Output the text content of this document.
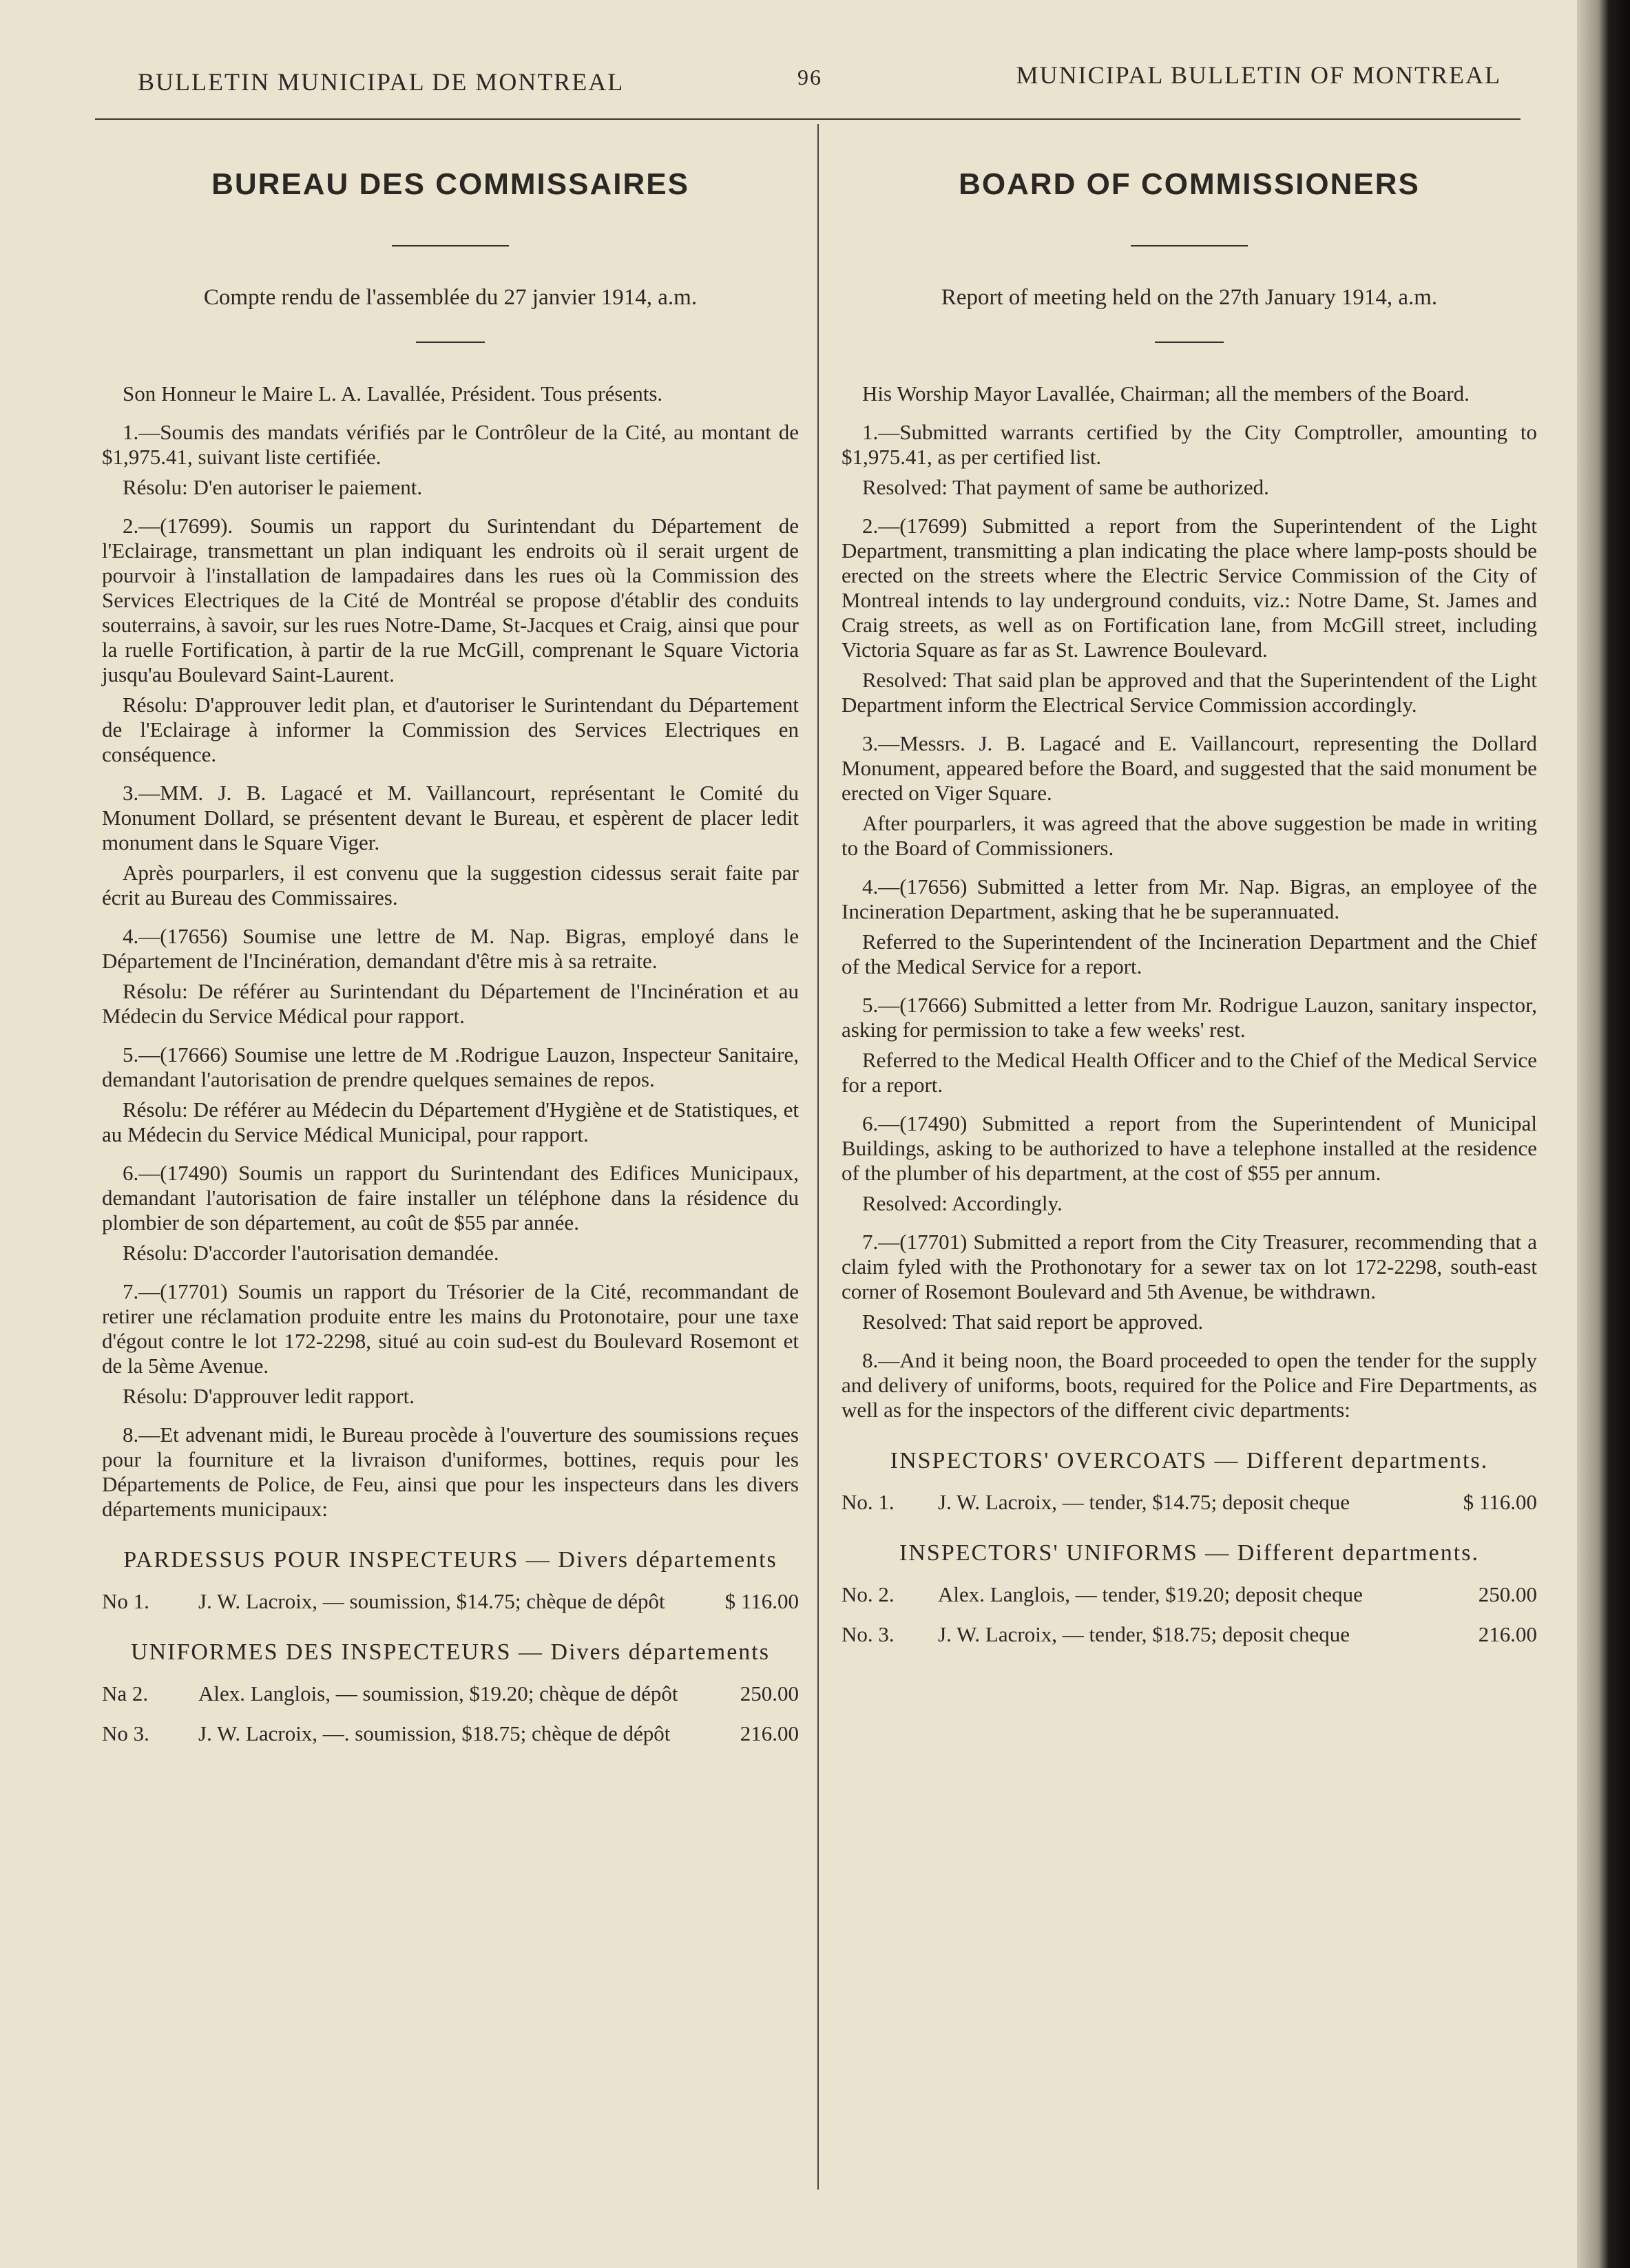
BULLETIN MUNICIPAL DE MONTREAL	96	MUNICIPAL BULLETIN OF MONTREAL
BUREAU DES COMMISSAIRES
Compte rendu de l'assemblée du 27 janvier 1914, a.m.

Son Honneur le Maire L. A. Lavallée, Président. Tous présents.

1.—Soumis des mandats vérifiés par le Contrôleur de la Cité, au montant de $1,975.41, suivant liste certifiée.

Résolu: D'en autoriser le paiement.

2.—(17699). Soumis un rapport du Surintendant du Département de l'Eclairage, transmettant un plan indiquant les endroits où il serait urgent de pourvoir à l'installation de lampadaires dans les rues où la Commission des Services Electriques de la Cité de Montréal se propose d'établir des conduits souterrains, à savoir, sur les rues Notre-Dame, St-Jacques et Craig, ainsi que pour la ruelle Fortification, à partir de la rue McGill, comprenant le Square Victoria jusqu'au Boulevard Saint-Laurent.

Résolu: D'approuver ledit plan, et d'autoriser le Surintendant du Département de l'Eclairage à informer la Commission des Services Electriques en conséquence.

3.—MM. J. B. Lagacé et M. Vaillancourt, représentant le Comité du Monument Dollard, se présentent devant le Bureau, et espèrent de placer ledit monument dans le Square Viger.

Après pourparlers, il est convenu que la suggestion cidessus serait faite par écrit au Bureau des Commissaires.

4.—(17656) Soumise une lettre de M. Nap. Bigras, employé dans le Département de l'Incinération, demandant d'être mis à sa retraite.

Résolu: De référer au Surintendant du Département de l'Incinération et au Médecin du Service Médical pour rapport.

5.—(17666) Soumise une lettre de M .Rodrigue Lauzon, Inspecteur Sanitaire, demandant l'autorisation de prendre quelques semaines de repos.

Résolu: De référer au Médecin du Département d'Hygiène et de Statistiques, et au Médecin du Service Médical Municipal, pour rapport.

6.—(17490) Soumis un rapport du Surintendant des Edifices Municipaux, demandant l'autorisation de faire installer un téléphone dans la résidence du plombier de son département, au coût de $55 par année.

Résolu: D'accorder l'autorisation demandée.

7.—(17701) Soumis un rapport du Trésorier de la Cité, recommandant de retirer une réclamation produite entre les mains du Protonotaire, pour une taxe d'égout contre le lot 172-2298, situé au coin sud-est du Boulevard Rosemont et de la 5ème Avenue.

Résolu: D'approuver ledit rapport.

8.—Et advenant midi, le Bureau procède à l'ouverture des soumissions reçues pour la fourniture et la livraison d'uniformes, bottines, requis pour les Départements de Police, de Feu, ainsi que pour les inspecteurs dans les divers départements municipaux:

PARDESSUS POUR INSPECTEURS — Divers départements
No 1.	J. W. Lacroix, — soumission, $14.75; chèque de dépôt	$ 116.00
UNIFORMES DES INSPECTEURS — Divers départements
Na 2.	Alex. Langlois, — soumission, $19.20; chèque de dépôt	250.00
No 3.	J. W. Lacroix, —. soumission, $18.75; chèque de dépôt	216.00
BOARD OF COMMISSIONERS
Report of meeting held on the 27th January 1914, a.m.

His Worship Mayor Lavallée, Chairman; all the members of the Board.

1.—Submitted warrants certified by the City Comptroller, amounting to $1,975.41, as per certified list.

Resolved: That payment of same be authorized.

2.—(17699) Submitted a report from the Superintendent of the Light Department, transmitting a plan indicating the place where lamp-posts should be erected on the streets where the Electric Service Commission of the City of Montreal intends to lay underground conduits, viz.: Notre Dame, St. James and Craig streets, as well as on Fortification lane, from McGill street, including Victoria Square as far as St. Lawrence Boulevard.

Resolved: That said plan be approved and that the Superintendent of the Light Department inform the Electrical Service Commission accordingly.

3.—Messrs. J. B. Lagacé and E. Vaillancourt, representing the Dollard Monument, appeared before the Board, and suggested that the said monument be erected on Viger Square.

After pourparlers, it was agreed that the above suggestion be made in writing to the Board of Commissioners.

4.—(17656) Submitted a letter from Mr. Nap. Bigras, an employee of the Incineration Department, asking that he be superannuated.

Referred to the Superintendent of the Incineration Department and the Chief of the Medical Service for a report.

5.—(17666) Submitted a letter from Mr. Rodrigue Lauzon, sanitary inspector, asking for permission to take a few weeks' rest.

Referred to the Medical Health Officer and to the Chief of the Medical Service for a report.

6.—(17490) Submitted a report from the Superintendent of Municipal Buildings, asking to be authorized to have a telephone installed at the residence of the plumber of his department, at the cost of $55 per annum.

Resolved: Accordingly.

7.—(17701) Submitted a report from the City Treasurer, recommending that a claim fyled with the Prothonotary for a sewer tax on lot 172-2298, south-east corner of Rosemont Boulevard and 5th Avenue, be withdrawn.

Resolved: That said report be approved.

8.—And it being noon, the Board proceeded to open the tender for the supply and delivery of uniforms, boots, required for the Police and Fire Departments, as well as for the inspectors of the different civic departments:

INSPECTORS' OVERCOATS — Different departments.
No. 1.	J. W. Lacroix, — tender, $14.75; deposit cheque	$ 116.00
INSPECTORS' UNIFORMS — Different departments.
No. 2.	Alex. Langlois, — tender, $19.20; deposit cheque	250.00
No. 3.	J. W. Lacroix, — tender, $18.75; deposit cheque	216.00
